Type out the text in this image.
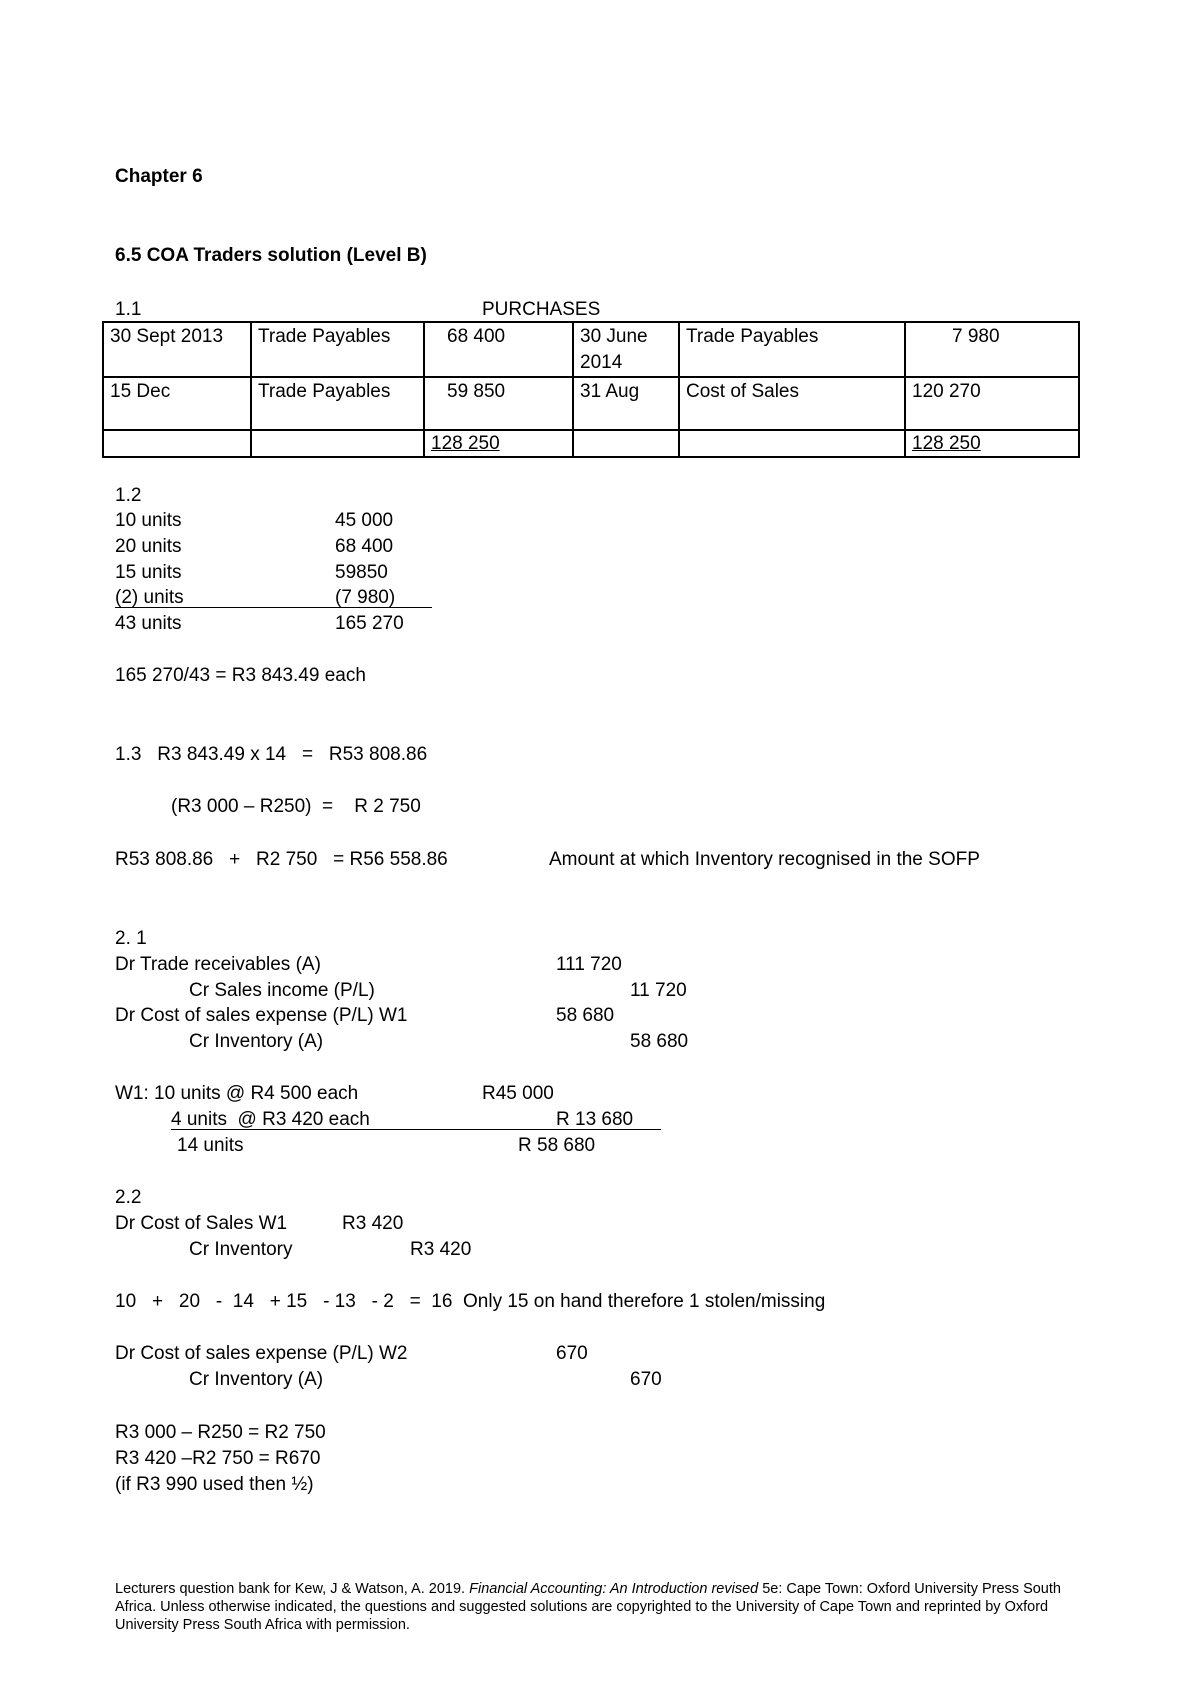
Chapter 6
6.5 COA Traders solution (Level B)
1.1	PURCHASES
30 Sept 2013	Trade Payables	68 400	30 June 2014	Trade Payables	7 980
15 Dec	Trade Payables	59 850	31 Aug	Cost of Sales	120 270
		128 250			128 250
1.2
10 units	45 000
20 units	68 400
15 units	59850
(2) units	(7 980)
43 units	165 270
165 270/43 = R3 843.49 each
1.3   R3 843.49 x 14   =   R53 808.86
(R3 000 – R250)  =    R 2 750
R53 808.86   +   R2 750   = R56 558.86	Amount at which Inventory recognised in the SOFP
2. 1
Dr Trade receivables (A)	111 720
Cr Sales income (P/L)	11 720
Dr Cost of sales expense (P/L) W1	58 680
Cr Inventory (A)	58 680
W1: 10 units @ R4 500 each	R45 000
4 units  @ R3 420 each	R 13 680
14 units	R 58 680
2.2
Dr Cost of Sales W1	R3 420
Cr Inventory	R3 420
10   +   20   -  14   + 15   - 13   - 2   =  16  Only 15 on hand therefore 1 stolen/missing
Dr Cost of sales expense (P/L) W2	670
Cr Inventory (A)	670
R3 000 – R250 = R2 750
R3 420 –R2 750 = R670
(if R3 990 used then ½)
Lecturers question bank for Kew, J & Watson, A. 2019. Financial Accounting: An Introduction revised 5e: Cape Town: Oxford University Press South Africa. Unless otherwise indicated, the questions and suggested solutions are copyrighted to the University of Cape Town and reprinted by Oxford University Press South Africa with permission.
